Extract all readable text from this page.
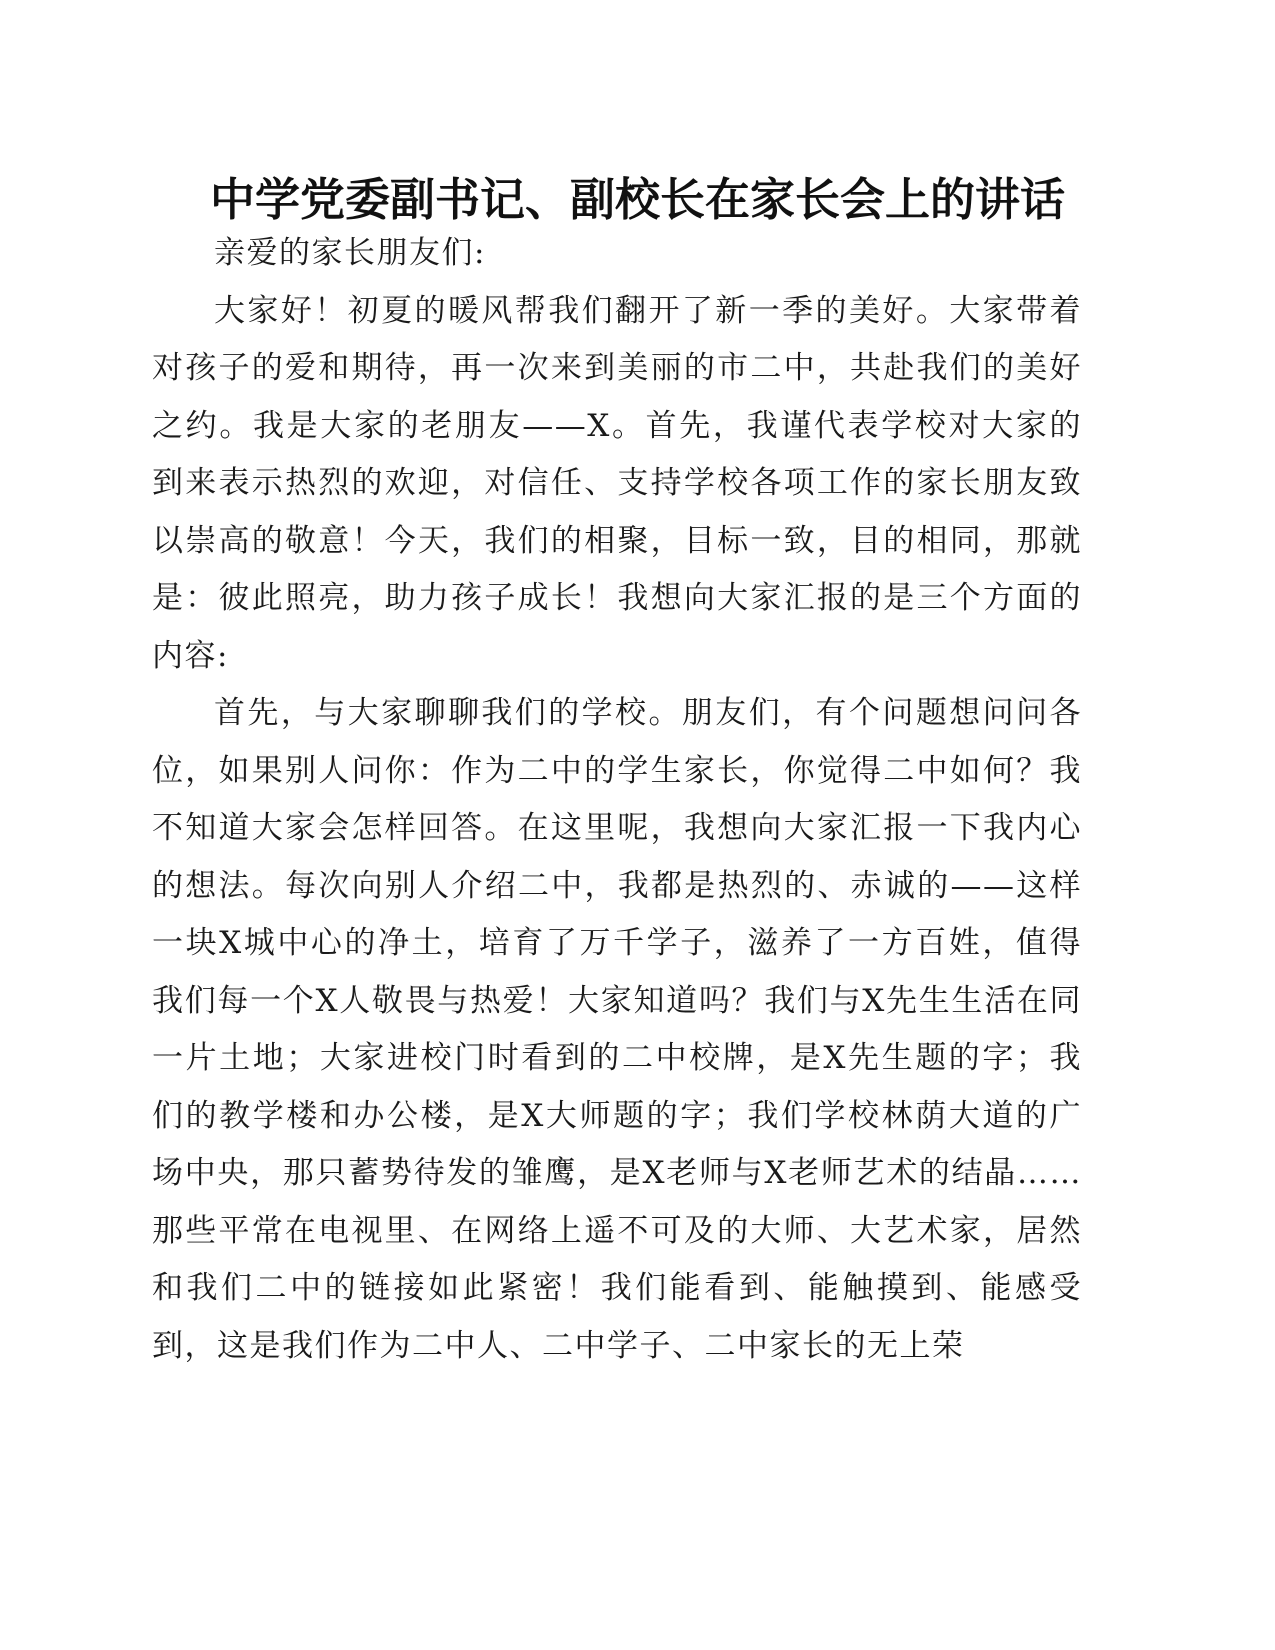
中学党委副书记、副校长在家长会上的讲话

亲爱的家长朋友们:

大家好！初夏的暖风帮我们翻开了新一季的美好。大家带着对孩子的爱和期待，再一次来到美丽的市二中，共赴我们的美好之约。我是大家的老朋友——X。首先，我谨代表学校对大家的到来表示热烈的欢迎，对信任、支持学校各项工作的家长朋友致以崇高的敬意！今天，我们的相聚，目标一致，目的相同，那就是：彼此照亮，助力孩子成长！我想向大家汇报的是三个方面的内容:

首先，与大家聊聊我们的学校。朋友们，有个问题想问问各位，如果别人问你：作为二中的学生家长，你觉得二中如何？我不知道大家会怎样回答。在这里呢，我想向大家汇报一下我内心的想法。每次向别人介绍二中，我都是热烈的、赤诚的——这样一块X城中心的净土，培育了万千学子，滋养了一方百姓，值得我们每一个X人敬畏与热爱！大家知道吗？我们与X先生生活在同一片土地；大家进校门时看到的二中校牌，是X先生题的字；我们的教学楼和办公楼，是X大师题的字；我们学校林荫大道的广场中央，那只蓄势待发的雏鹰，是X老师与X老师艺术的结晶……那些平常在电视里、在网络上遥不可及的大师、大艺术家，居然和我们二中的链接如此紧密！我们能看到、能触摸到、能感受到，这是我们作为二中人、二中学子、二中家长的无上荣
